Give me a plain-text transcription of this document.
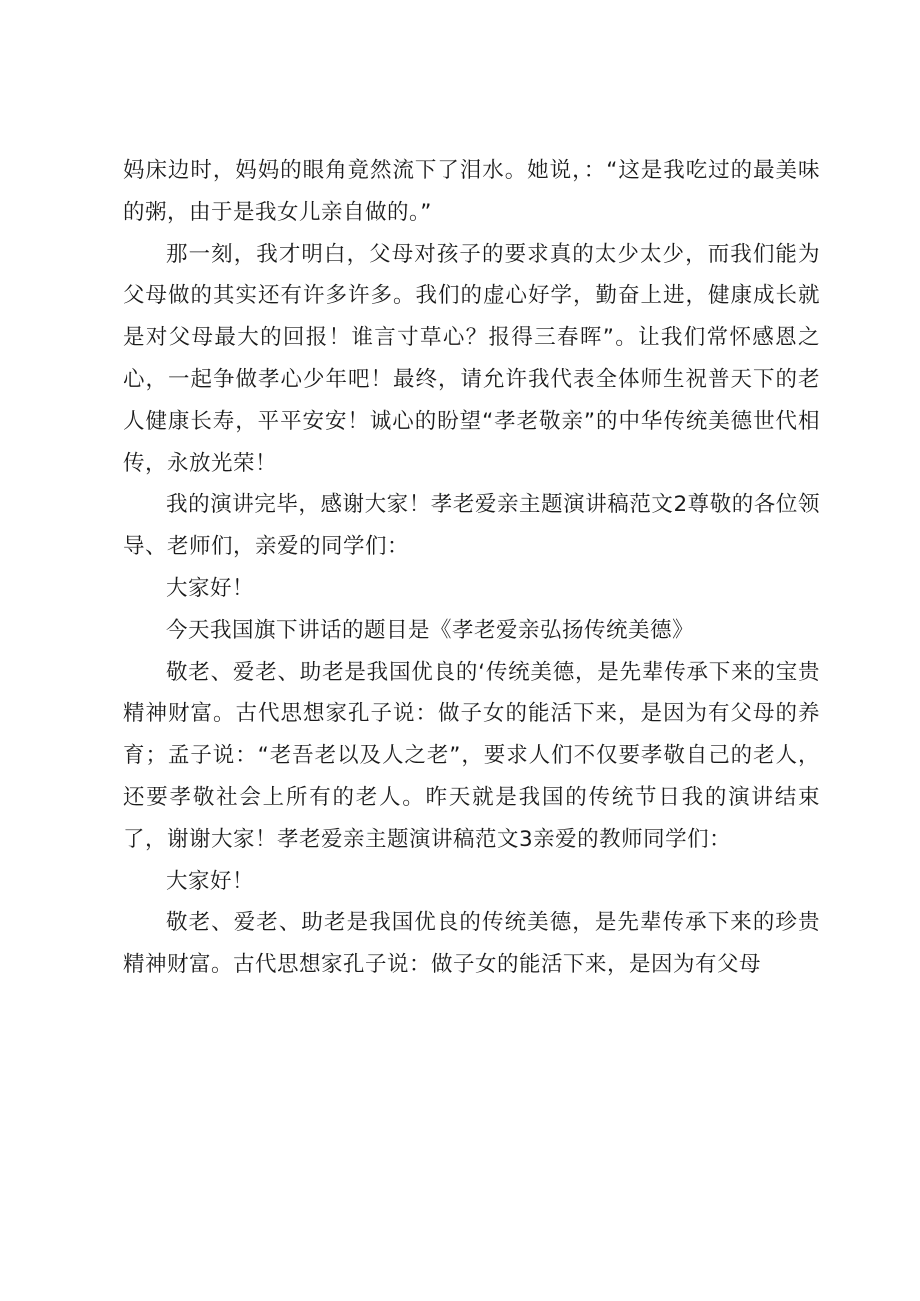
妈床边时，妈妈的眼角竟然流下了泪水。她说，：“这是我吃过的最美味的粥，由于是我女儿亲自做的。”

那一刻，我才明白，父母对孩子的要求真的太少太少，而我们能为父母做的其实还有许多许多。我们的虚心好学，勤奋上进，健康成长就是对父母最大的回报！谁言寸草心？报得三春晖”。让我们常怀感恩之心，一起争做孝心少年吧！最终，请允许我代表全体师生祝普天下的老人健康长寿，平平安安！诚心的盼望“孝老敬亲”的中华传统美德世代相传，永放光荣！

我的演讲完毕，感谢大家！孝老爱亲主题演讲稿范文2尊敬的各位领导、老师们，亲爱的同学们：

大家好！

今天我国旗下讲话的题目是《孝老爱亲弘扬传统美德》

敬老、爱老、助老是我国优良的‘传统美德，是先辈传承下来的宝贵精神财富。古代思想家孔子说：做子女的能活下来，是因为有父母的养育；孟子说：“老吾老以及人之老”，要求人们不仅要孝敬自己的老人，还要孝敬社会上所有的老人。昨天就是我国的传统节日我的演讲结束了，谢谢大家！孝老爱亲主题演讲稿范文3亲爱的教师同学们：

大家好！

敬老、爱老、助老是我国优良的传统美德，是先辈传承下来的珍贵精神财富。古代思想家孔子说：做子女的能活下来，是因为有父母
